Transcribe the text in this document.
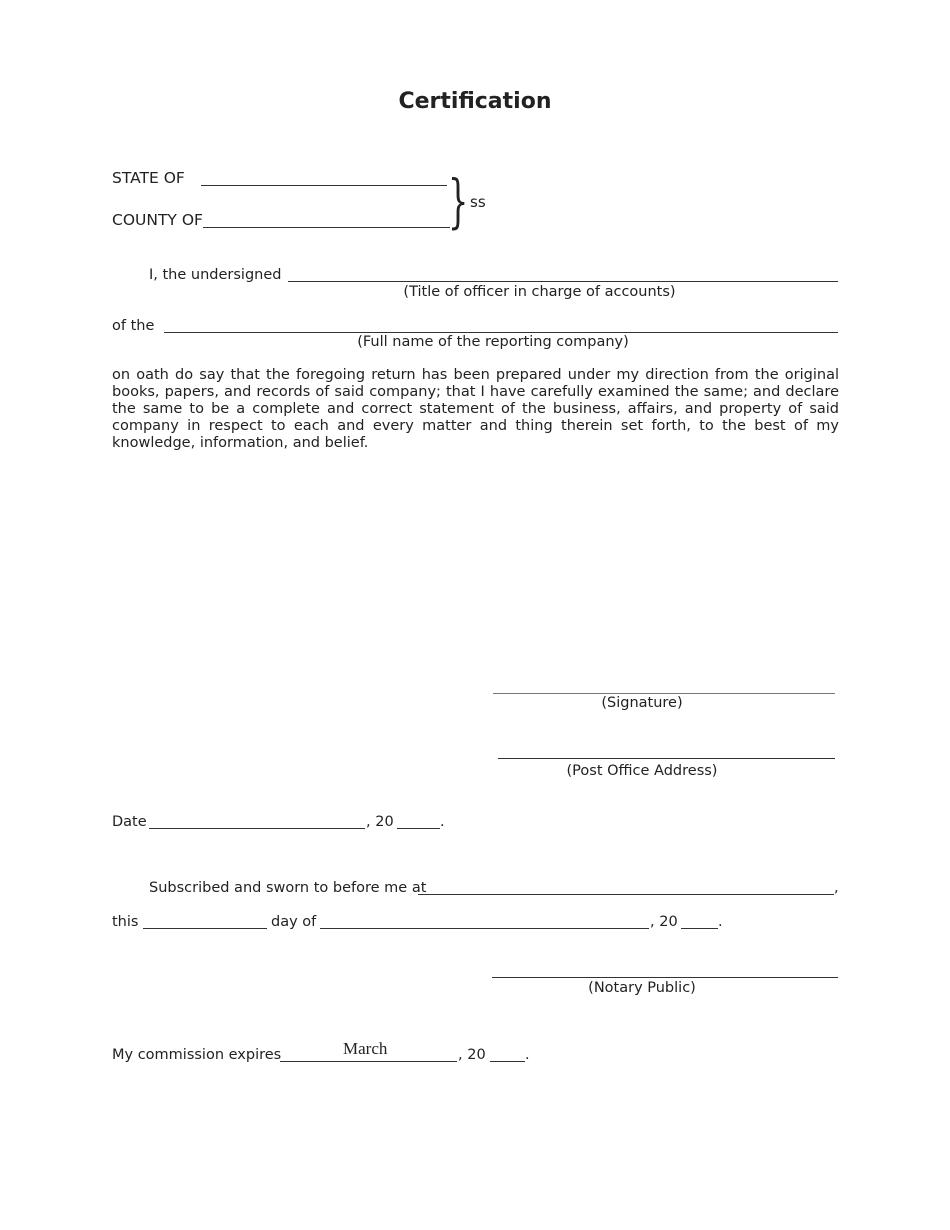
Certification
STATE OF
COUNTY OF	} ss
I, the undersigned
(Title of officer in charge of accounts)
of the
(Full name of the reporting company)
on oath do say that the foregoing return has been prepared under my direction from the original books, papers, and records of said company; that I have carefully examined the same; and declare the same to be a complete and correct statement of the business, affairs, and property of said company in respect to each and every matter and thing therein set forth, to the best of my knowledge, information, and belief.
(Signature)
(Post Office Address)
Date	, 20	.
Subscribed and sworn to before me at	,
this	day of	, 20	.
(Notary Public)
My commission expires	March	, 20	.
